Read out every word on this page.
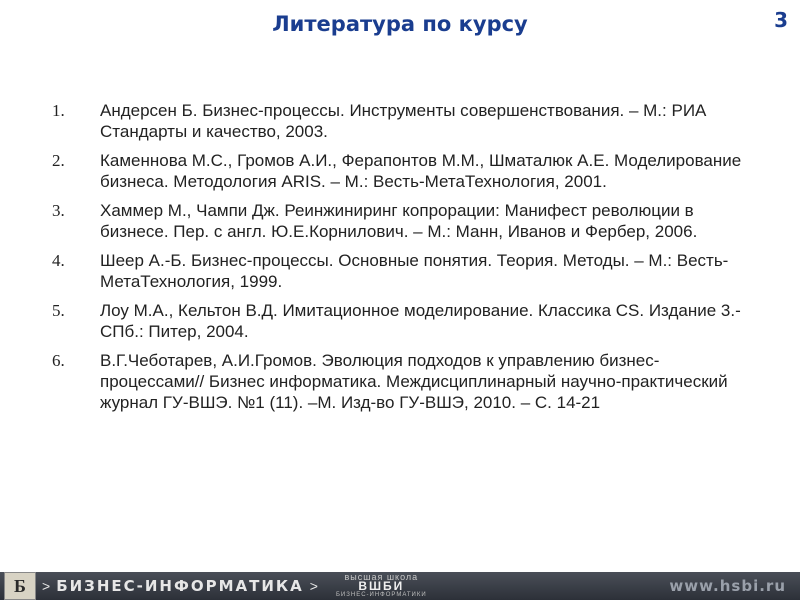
Литература по курсу	3
1.	Андерсен Б. Бизнес-процессы. Инструменты совершенствования. – М.: РИА Стандарты и качество, 2003.
2.	Каменнова М.С., Громов А.И., Ферапонтов М.М., Шматалюк А.Е. Моделирование бизнеса. Методология ARIS. – М.: Весть-МетаТехнология, 2001.
3.	Хаммер М., Чампи Дж. Реинжиниринг копрорации: Манифест революции в бизнесе. Пер. с англ. Ю.Е.Корнилович. – М.: Манн, Иванов и Фербер, 2006.
4.	Шеер А.-Б. Бизнес-процессы. Основные понятия. Теория. Методы. – М.: Весть-МетаТехнология, 1999.
5.	Лоу М.А., Кельтон В.Д. Имитационное моделирование. Классика CS. Издание 3.-СПб.: Питер, 2004.
6.	В.Г.Чеботарев, А.И.Громов. Эволюция подходов к управлению бизнес-процессами// Бизнес информатика. Междисциплинарный научно-практический журнал ГУ-ВШЭ. №1 (11). –М. Изд-во ГУ-ВШЭ, 2010. – С. 14-21
Б	> БИЗНЕС-ИНФОРМАТИКА >
высшая школа
ВШБИ
БИЗНЕС-ИНФОРМАТИКИ	www.hsbi.ru
